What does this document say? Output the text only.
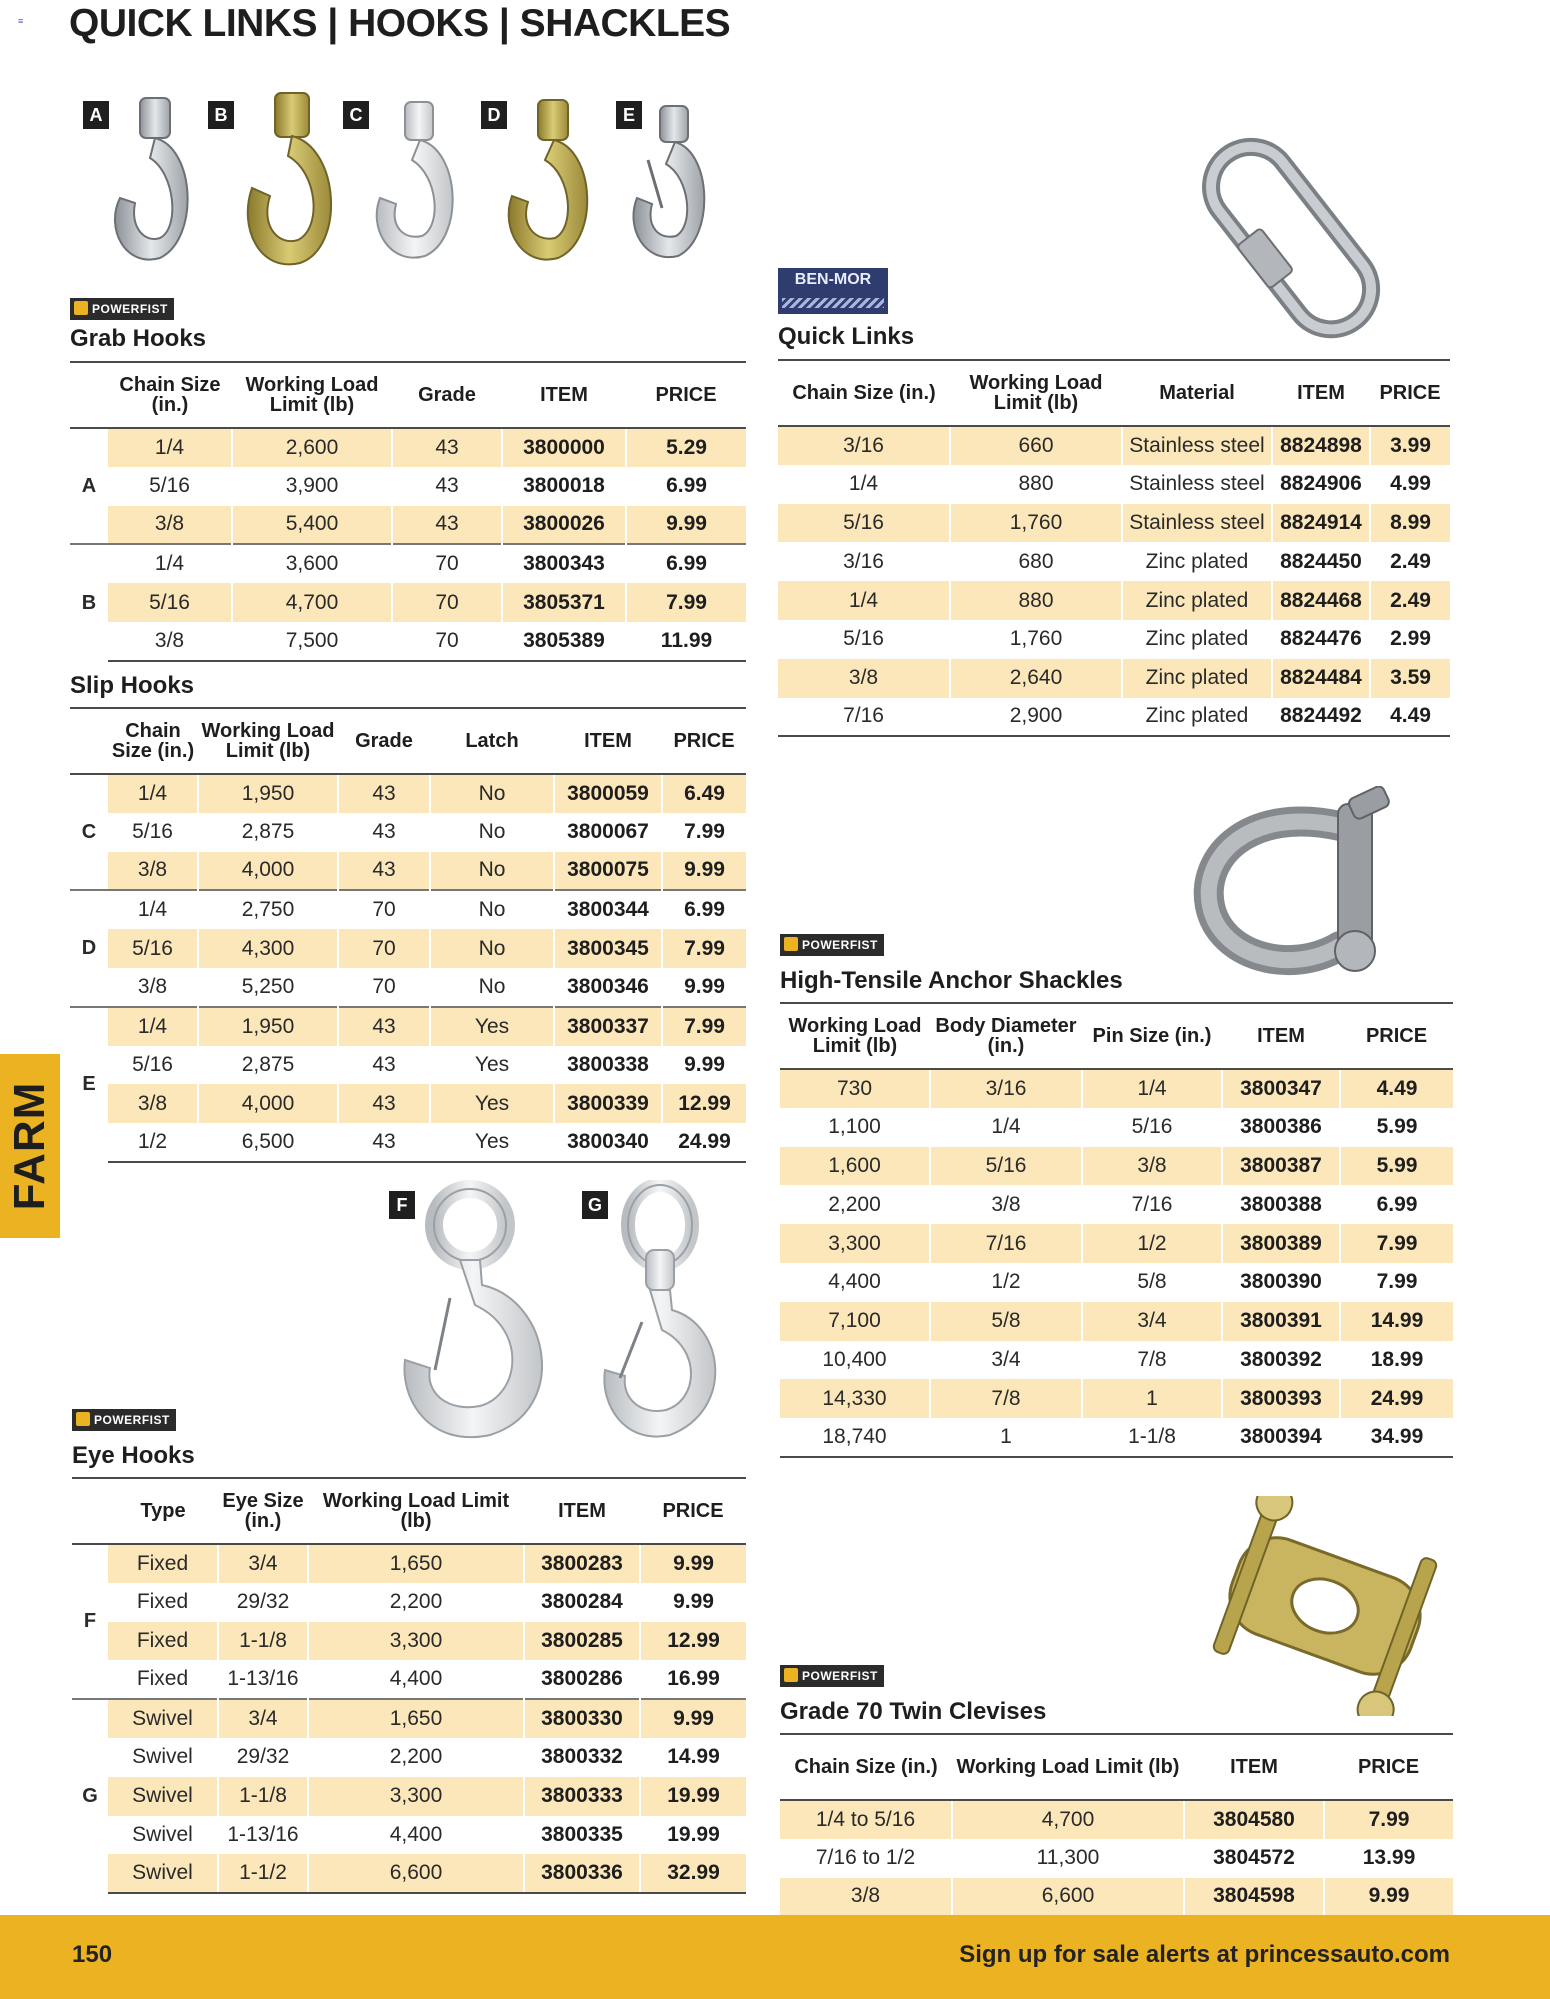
≡ QUICK LINKS | HOOKS | SHACKLES
FARM
A	B	C	D	E
POWERFIST
Grab Hooks
	Chain Size (in.)	Working Load Limit (lb)	Grade	ITEM	PRICE
A	1/4	2,600	43	3800000	5.29
	5/16	3,900	43	3800018	6.99
	3/8	5,400	43	3800026	9.99
B	1/4	3,600	70	3800343	6.99
	5/16	4,700	70	3805371	7.99
	3/8	7,500	70	3805389	11.99
Slip Hooks
	Chain Size (in.)	Working Load Limit (lb)	Grade	Latch	ITEM	PRICE
C	1/4	1,950	43	No	3800059	6.49
	5/16	2,875	43	No	3800067	7.99
	3/8	4,000	43	No	3800075	9.99
D	1/4	2,750	70	No	3800344	6.99
	5/16	4,300	70	No	3800345	7.99
	3/8	5,250	70	No	3800346	9.99
E	1/4	1,950	43	Yes	3800337	7.99
	5/16	2,875	43	Yes	3800338	9.99
	3/8	4,000	43	Yes	3800339	12.99
	1/2	6,500	43	Yes	3800340	24.99
F	G
POWERFIST
Eye Hooks
	Type	Eye Size (in.)	Working Load Limit (lb)	ITEM	PRICE
F	Fixed	3/4	1,650	3800283	9.99
	Fixed	29/32	2,200	3800284	9.99
	Fixed	1-1/8	3,300	3800285	12.99
	Fixed	1-13/16	4,400	3800286	16.99
G	Swivel	3/4	1,650	3800330	9.99
	Swivel	29/32	2,200	3800332	14.99
	Swivel	1-1/8	3,300	3800333	19.99
	Swivel	1-13/16	4,400	3800335	19.99
	Swivel	1-1/2	6,600	3800336	32.99
BEN-MOR
Quick Links
Chain Size (in.)	Working Load Limit (lb)	Material	ITEM	PRICE
3/16	660	Stainless steel	8824898	3.99
1/4	880	Stainless steel	8824906	4.99
5/16	1,760	Stainless steel	8824914	8.99
3/16	680	Zinc plated	8824450	2.49
1/4	880	Zinc plated	8824468	2.49
5/16	1,760	Zinc plated	8824476	2.99
3/8	2,640	Zinc plated	8824484	3.59
7/16	2,900	Zinc plated	8824492	4.49
POWERFIST
High-Tensile Anchor Shackles
Working Load Limit (lb)	Body Diameter (in.)	Pin Size (in.)	ITEM	PRICE
730	3/16	1/4	3800347	4.49
1,100	1/4	5/16	3800386	5.99
1,600	5/16	3/8	3800387	5.99
2,200	3/8	7/16	3800388	6.99
3,300	7/16	1/2	3800389	7.99
4,400	1/2	5/8	3800390	7.99
7,100	5/8	3/4	3800391	14.99
10,400	3/4	7/8	3800392	18.99
14,330	7/8	1	3800393	24.99
18,740	1	1-1/8	3800394	34.99
POWERFIST
Grade 70 Twin Clevises
Chain Size (in.)	Working Load Limit (lb)	ITEM	PRICE
1/4 to 5/16	4,700	3804580	7.99
7/16 to 1/2	11,300	3804572	13.99
3/8	6,600	3804598	9.99
150	Sign up for sale alerts at princessauto.com
